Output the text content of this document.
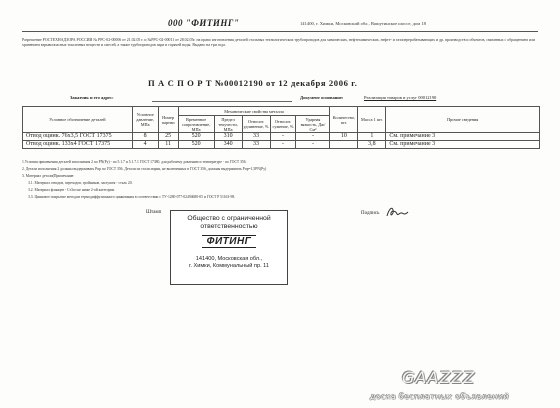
000 "ФИТИНГ"	141400, г. Химки, Московский обл., Вашутинское шоссе, дом 18
Разрешение РОСТЕХНАДЗОРА РОССИИ № РРС-02-00006 от 21.02.05 г. и №РРС-02-00011 от 28.02.05г. на право изготовления деталей стальных технологических трубопроводов для химических, нефтехимических, нефте- и газоперерабатывающих и др. производств и объектов, связанных с обращением или хранением взрывоопасных токсичных веществ и смесей, а также трубопроводов пара и горячей воды. Выдано на три года.
П А С П О Р Т №00012190 от 12 декабря 2006 г.
Заказчик и его адрес:	Документ основание:	Реализация товаров и услуг 00012190
Условное обозначение деталей	Условное давление, МПа	Номер партии	Механические свойства металла					Количество, шт.	Масса 1 шт.	Прочие сведения
			Временное сопротивление, МПа	Предел текучести, МПа	Относит. удлинение, %	Относит. сужение, %	Ударная вязкость, Дж/См²			
Отвод оцинк. 76х3,5 ГОСТ 17375	8	25	520	310	33	-	-	10	1	См. примечание 3
Отвод оцинк. 133х4 ГОСТ 17375	4	11	520	340	33	-	-		3,8	См. примечание 3
1.Условия применения деталей исполнения 2 по PN(Pу) - по 5.1.7 и 5.1.7.1 ГОСТ 17380, для рабочему давлению и температуре - по ГОСТ 356.
2. Детали исполнения 2 должны выдерживать Pпр по ГОСТ 356. Детали из стали марки, не включенных в ГОСТ 356, должны выдерживать Pпр=1,5PN(Pу)
3. Материал детали(Примечание:
3.1. Материал отводов, переходов, тройников, заглушек - сталь 20.
3.2. Материал фланцев - Ст3сп не ниже 2-ой категории.
3.3. Цинковое покрытие методом термодиффузионного цинкования в соответствии с ТУ-1280-077-02494680-05 и ГОСТ Р 51163-98.
Штамп	Подпись
Общество с ограниченной
ответственностью
ФИТИНГ
141400, Московская обл.,
г. Химки, Коммунальный пр. 11
GAAZZZ
доска бесплатных объявлений
